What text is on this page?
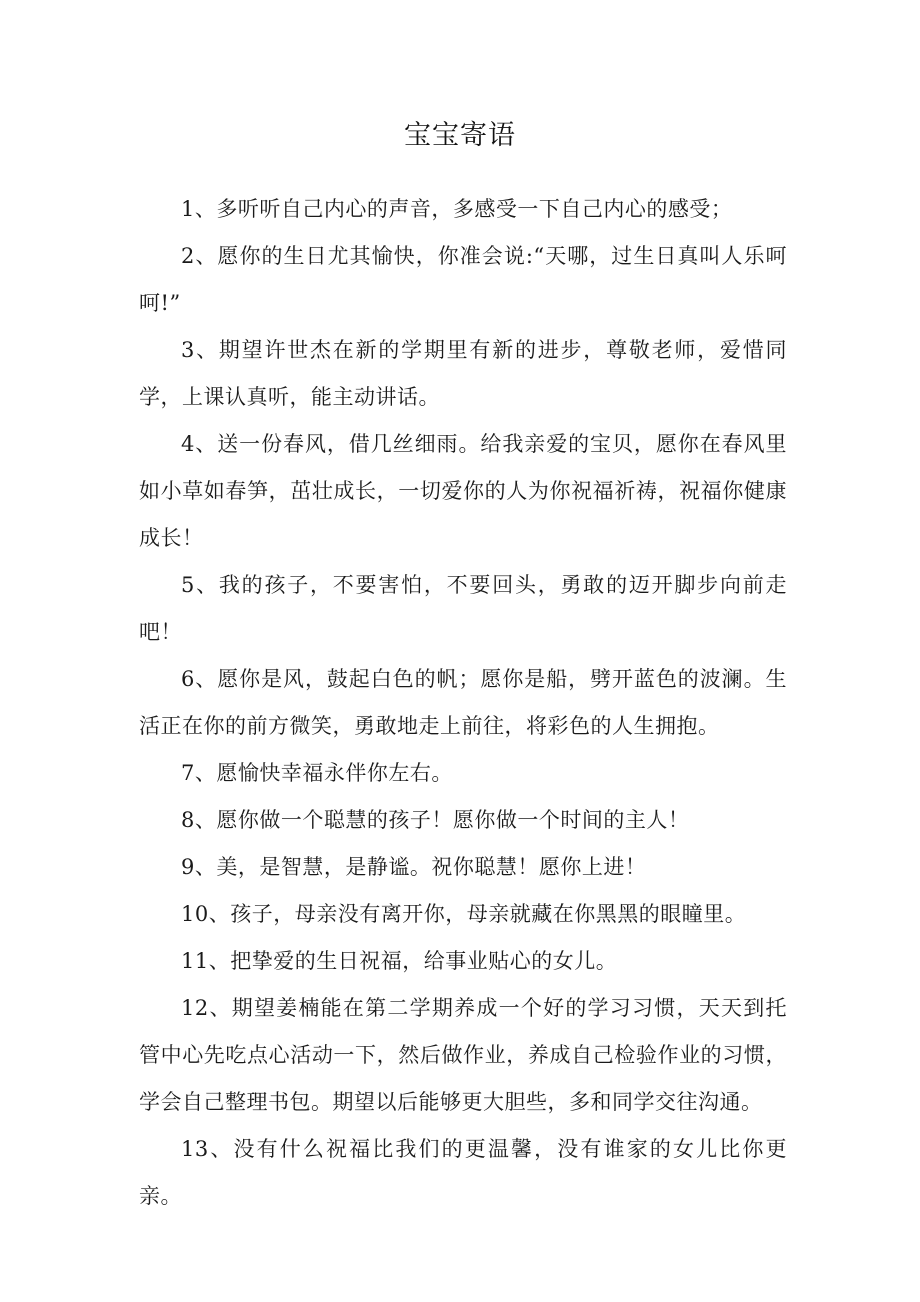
宝宝寄语

1、多听听自己内心的声音，多感受一下自己内心的感受；

2、愿你的生日尤其愉快，你准会说:“天哪，过生日真叫人乐呵呵!”

3、期望许世杰在新的学期里有新的进步，尊敬老师，爱惜同学，上课认真听，能主动讲话。

4、送一份春风，借几丝细雨。给我亲爱的宝贝，愿你在春风里如小草如春笋，茁壮成长，一切爱你的人为你祝福祈祷，祝福你健康成长！

5、我的孩子，不要害怕，不要回头，勇敢的迈开脚步向前走吧！

6、愿你是风，鼓起白色的帆；愿你是船，劈开蓝色的波澜。生活正在你的前方微笑，勇敢地走上前往，将彩色的人生拥抱。

7、愿愉快幸福永伴你左右。

8、愿你做一个聪慧的孩子！愿你做一个时间的主人！

9、美，是智慧，是静谧。祝你聪慧！愿你上进！

10、孩子，母亲没有离开你，母亲就藏在你黑黑的眼瞳里。

11、把挚爱的生日祝福，给事业贴心的女儿。

12、期望姜楠能在第二学期养成一个好的学习习惯，天天到托管中心先吃点心活动一下，然后做作业，养成自己检验作业的习惯，学会自己整理书包。期望以后能够更大胆些，多和同学交往沟通。

13、没有什么祝福比我们的更温馨，没有谁家的女儿比你更亲。
